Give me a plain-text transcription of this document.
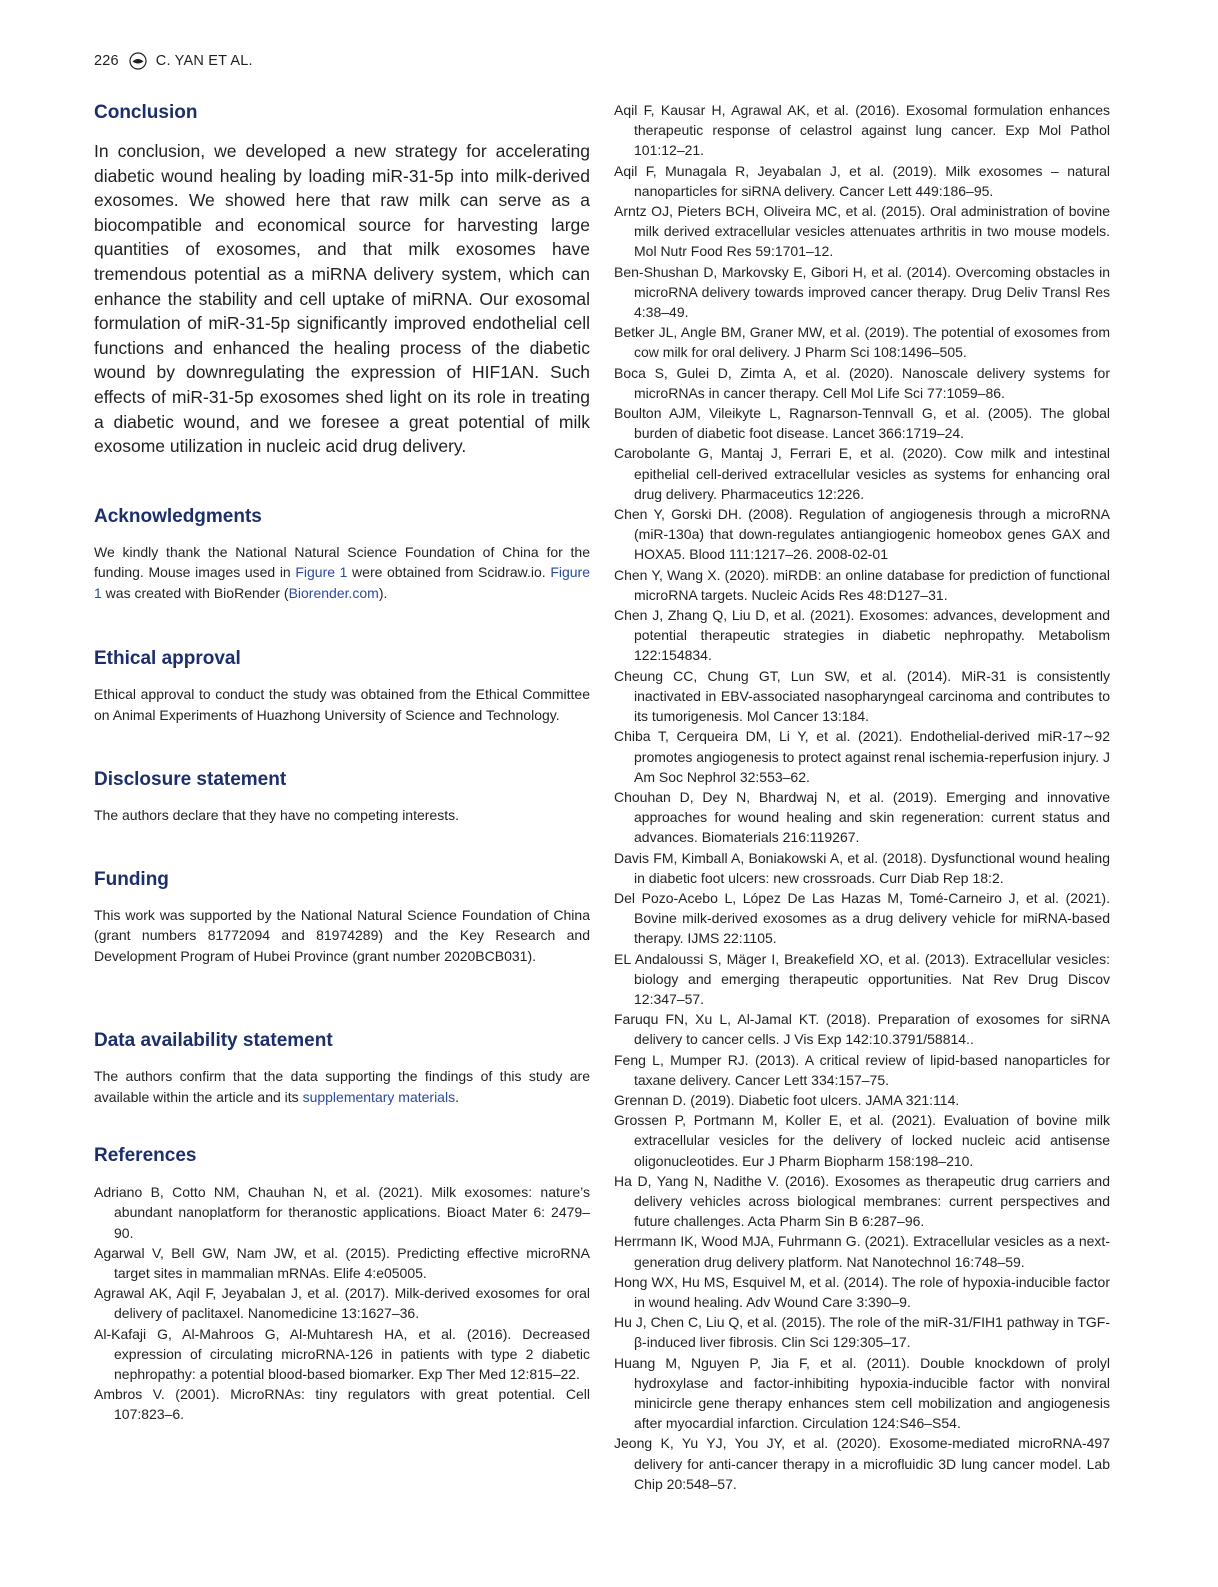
226	C. YAN ET AL.
Conclusion

In conclusion, we developed a new strategy for accelerating diabetic wound healing by loading miR-31-5p into milk-derived exosomes. We showed here that raw milk can serve as a biocompatible and economical source for harvesting large quantities of exosomes, and that milk exosomes have tremendous potential as a miRNA delivery system, which can enhance the stability and cell uptake of miRNA. Our exosomal formulation of miR-31-5p significantly improved endothelial cell functions and enhanced the healing process of the diabetic wound by downregulating the expression of HIF1AN. Such effects of miR-31-5p exosomes shed light on its role in treating a diabetic wound, and we foresee a great potential of milk exosome utilization in nucleic acid drug delivery.

Acknowledgments

We kindly thank the National Natural Science Foundation of China for the funding. Mouse images used in Figure 1 were obtained from Scidraw.io. Figure 1 was created with BioRender (Biorender.com).

Ethical approval

Ethical approval to conduct the study was obtained from the Ethical Committee on Animal Experiments of Huazhong University of Science and Technology.

Disclosure statement

The authors declare that they have no competing interests.

Funding

This work was supported by the National Natural Science Foundation of China (grant numbers 81772094 and 81974289) and the Key Research and Development Program of Hubei Province (grant number 2020BCB031).

Data availability statement

The authors confirm that the data supporting the findings of this study are available within the article and its supplementary materials.

References

Adriano B, Cotto NM, Chauhan N, et al. (2021). Milk exosomes: nature’s abundant nanoplatform for theranostic applications. Bioact Mater 6: 2479–90.

Agarwal V, Bell GW, Nam JW, et al. (2015). Predicting effective microRNA target sites in mammalian mRNAs. Elife 4:e05005.

Agrawal AK, Aqil F, Jeyabalan J, et al. (2017). Milk-derived exosomes for oral delivery of paclitaxel. Nanomedicine 13:1627–36.

Al-Kafaji G, Al-Mahroos G, Al-Muhtaresh HA, et al. (2016). Decreased expression of circulating microRNA-126 in patients with type 2 diabetic nephropathy: a potential blood-based biomarker. Exp Ther Med 12:815–22.

Ambros V. (2001). MicroRNAs: tiny regulators with great potential. Cell 107:823–6.

Aqil F, Kausar H, Agrawal AK, et al. (2016). Exosomal formulation enhances therapeutic response of celastrol against lung cancer. Exp Mol Pathol 101:12–21.

Aqil F, Munagala R, Jeyabalan J, et al. (2019). Milk exosomes – natural nanoparticles for siRNA delivery. Cancer Lett 449:186–95.

Arntz OJ, Pieters BCH, Oliveira MC, et al. (2015). Oral administration of bovine milk derived extracellular vesicles attenuates arthritis in two mouse models. Mol Nutr Food Res 59:1701–12.

Ben-Shushan D, Markovsky E, Gibori H, et al. (2014). Overcoming obstacles in microRNA delivery towards improved cancer therapy. Drug Deliv Transl Res 4:38–49.

Betker JL, Angle BM, Graner MW, et al. (2019). The potential of exosomes from cow milk for oral delivery. J Pharm Sci 108:1496–505.

Boca S, Gulei D, Zimta A, et al. (2020). Nanoscale delivery systems for microRNAs in cancer therapy. Cell Mol Life Sci 77:1059–86.

Boulton AJM, Vileikyte L, Ragnarson-Tennvall G, et al. (2005). The global burden of diabetic foot disease. Lancet 366:1719–24.

Carobolante G, Mantaj J, Ferrari E, et al. (2020). Cow milk and intestinal epithelial cell-derived extracellular vesicles as systems for enhancing oral drug delivery. Pharmaceutics 12:226.

Chen Y, Gorski DH. (2008). Regulation of angiogenesis through a microRNA (miR-130a) that down-regulates antiangiogenic homeobox genes GAX and HOXA5. Blood 111:1217–26. 2008-02-01

Chen Y, Wang X. (2020). miRDB: an online database for prediction of functional microRNA targets. Nucleic Acids Res 48:D127–31.

Chen J, Zhang Q, Liu D, et al. (2021). Exosomes: advances, development and potential therapeutic strategies in diabetic nephropathy. Metabolism 122:154834.

Cheung CC, Chung GT, Lun SW, et al. (2014). MiR-31 is consistently inactivated in EBV-associated nasopharyngeal carcinoma and contributes to its tumorigenesis. Mol Cancer 13:184.

Chiba T, Cerqueira DM, Li Y, et al. (2021). Endothelial-derived miR-17∼92 promotes angiogenesis to protect against renal ischemia-reperfusion injury. J Am Soc Nephrol 32:553–62.

Chouhan D, Dey N, Bhardwaj N, et al. (2019). Emerging and innovative approaches for wound healing and skin regeneration: current status and advances. Biomaterials 216:119267.

Davis FM, Kimball A, Boniakowski A, et al. (2018). Dysfunctional wound healing in diabetic foot ulcers: new crossroads. Curr Diab Rep 18:2.

Del Pozo-Acebo L, López De Las Hazas M, Tomé-Carneiro J, et al. (2021). Bovine milk-derived exosomes as a drug delivery vehicle for miRNA-based therapy. IJMS 22:1105.

EL Andaloussi S, Mäger I, Breakefield XO, et al. (2013). Extracellular vesicles: biology and emerging therapeutic opportunities. Nat Rev Drug Discov 12:347–57.

Faruqu FN, Xu L, Al-Jamal KT. (2018). Preparation of exosomes for siRNA delivery to cancer cells. J Vis Exp 142:10.3791/58814..

Feng L, Mumper RJ. (2013). A critical review of lipid-based nanoparticles for taxane delivery. Cancer Lett 334:157–75.

Grennan D. (2019). Diabetic foot ulcers. JAMA 321:114.

Grossen P, Portmann M, Koller E, et al. (2021). Evaluation of bovine milk extracellular vesicles for the delivery of locked nucleic acid antisense oligonucleotides. Eur J Pharm Biopharm 158:198–210.

Ha D, Yang N, Nadithe V. (2016). Exosomes as therapeutic drug carriers and delivery vehicles across biological membranes: current perspectives and future challenges. Acta Pharm Sin B 6:287–96.

Herrmann IK, Wood MJA, Fuhrmann G. (2021). Extracellular vesicles as a next-generation drug delivery platform. Nat Nanotechnol 16:748–59.

Hong WX, Hu MS, Esquivel M, et al. (2014). The role of hypoxia-inducible factor in wound healing. Adv Wound Care 3:390–9.

Hu J, Chen C, Liu Q, et al. (2015). The role of the miR-31/FIH1 pathway in TGF-β-induced liver fibrosis. Clin Sci 129:305–17.

Huang M, Nguyen P, Jia F, et al. (2011). Double knockdown of prolyl hydroxylase and factor-inhibiting hypoxia-inducible factor with nonviral minicircle gene therapy enhances stem cell mobilization and angiogenesis after myocardial infarction. Circulation 124:S46–S54.

Jeong K, Yu YJ, You JY, et al. (2020). Exosome-mediated microRNA-497 delivery for anti-cancer therapy in a microfluidic 3D lung cancer model. Lab Chip 20:548–57.
